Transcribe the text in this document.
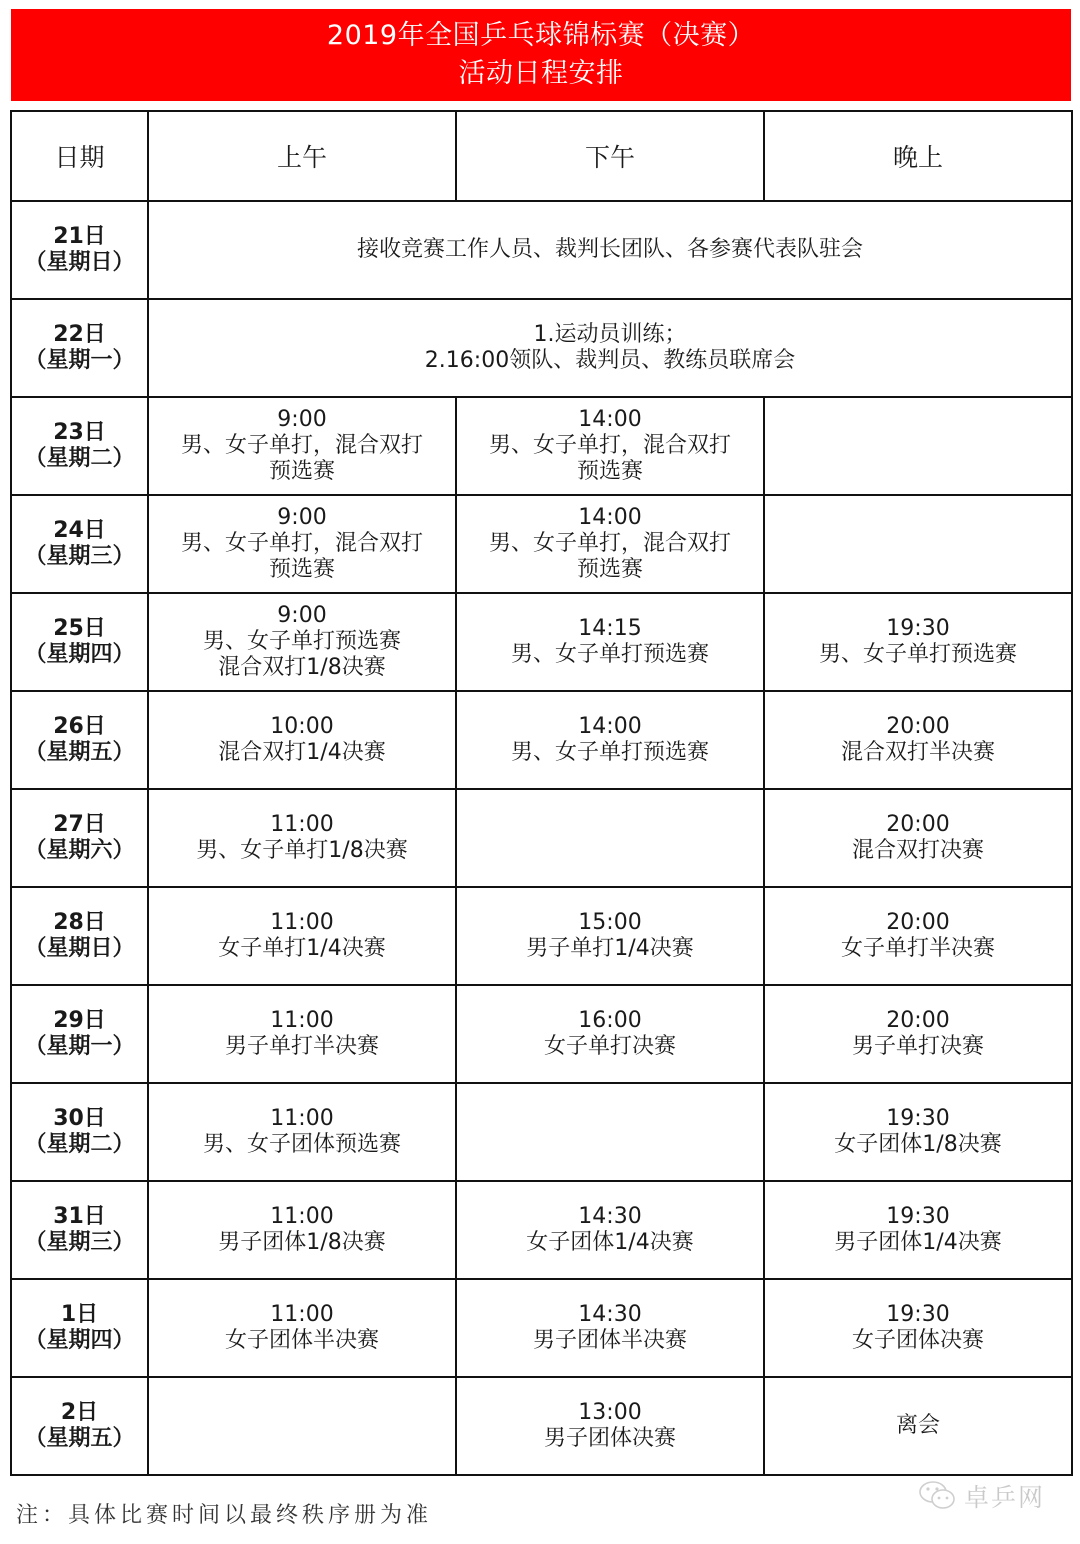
2019年全国乒乓球锦标赛（决赛）
活动日程安排
日期	上午	下午	晚上

21日
（星期日）	接收竞赛工作人员、裁判长团队、各参赛代表队驻会		

22日
（星期一）	1.运动员训练；
2.16:00领队、裁判员、教练员联席会		

23日
（星期二）	9:00
男、女子单打，混合双打
预选赛	14:00
男、女子单打，混合双打
预选赛	

24日
（星期三）	9:00
男、女子单打，混合双打
预选赛	14:00
男、女子单打，混合双打
预选赛	

25日
（星期四）	9:00
男、女子单打预选赛
混合双打1/8决赛	14:15
男、女子单打预选赛	19:30
男、女子单打预选赛

26日
（星期五）	10:00
混合双打1/4决赛	14:00
男、女子单打预选赛	20:00
混合双打半决赛

27日
（星期六）	11:00
男、女子单打1/8决赛		20:00
混合双打决赛

28日
（星期日）	11:00
女子单打1/4决赛	15:00
男子单打1/4决赛	20:00
女子单打半决赛

29日
（星期一）	11:00
男子单打半决赛	16:00
女子单打决赛	20:00
男子单打决赛

30日
（星期二）	11:00
男、女子团体预选赛		19:30
女子团体1/8决赛

31日
（星期三）	11:00
男子团体1/8决赛	14:30
女子团体1/4决赛	19:30
男子团体1/4决赛

1日
（星期四）	11:00
女子团体半决赛	14:30
男子团体半决赛	19:30
女子团体决赛

2日
（星期五）		13:00
男子团体决赛	离会
注：具体比赛时间以最终秩序册为准
卓乒网
